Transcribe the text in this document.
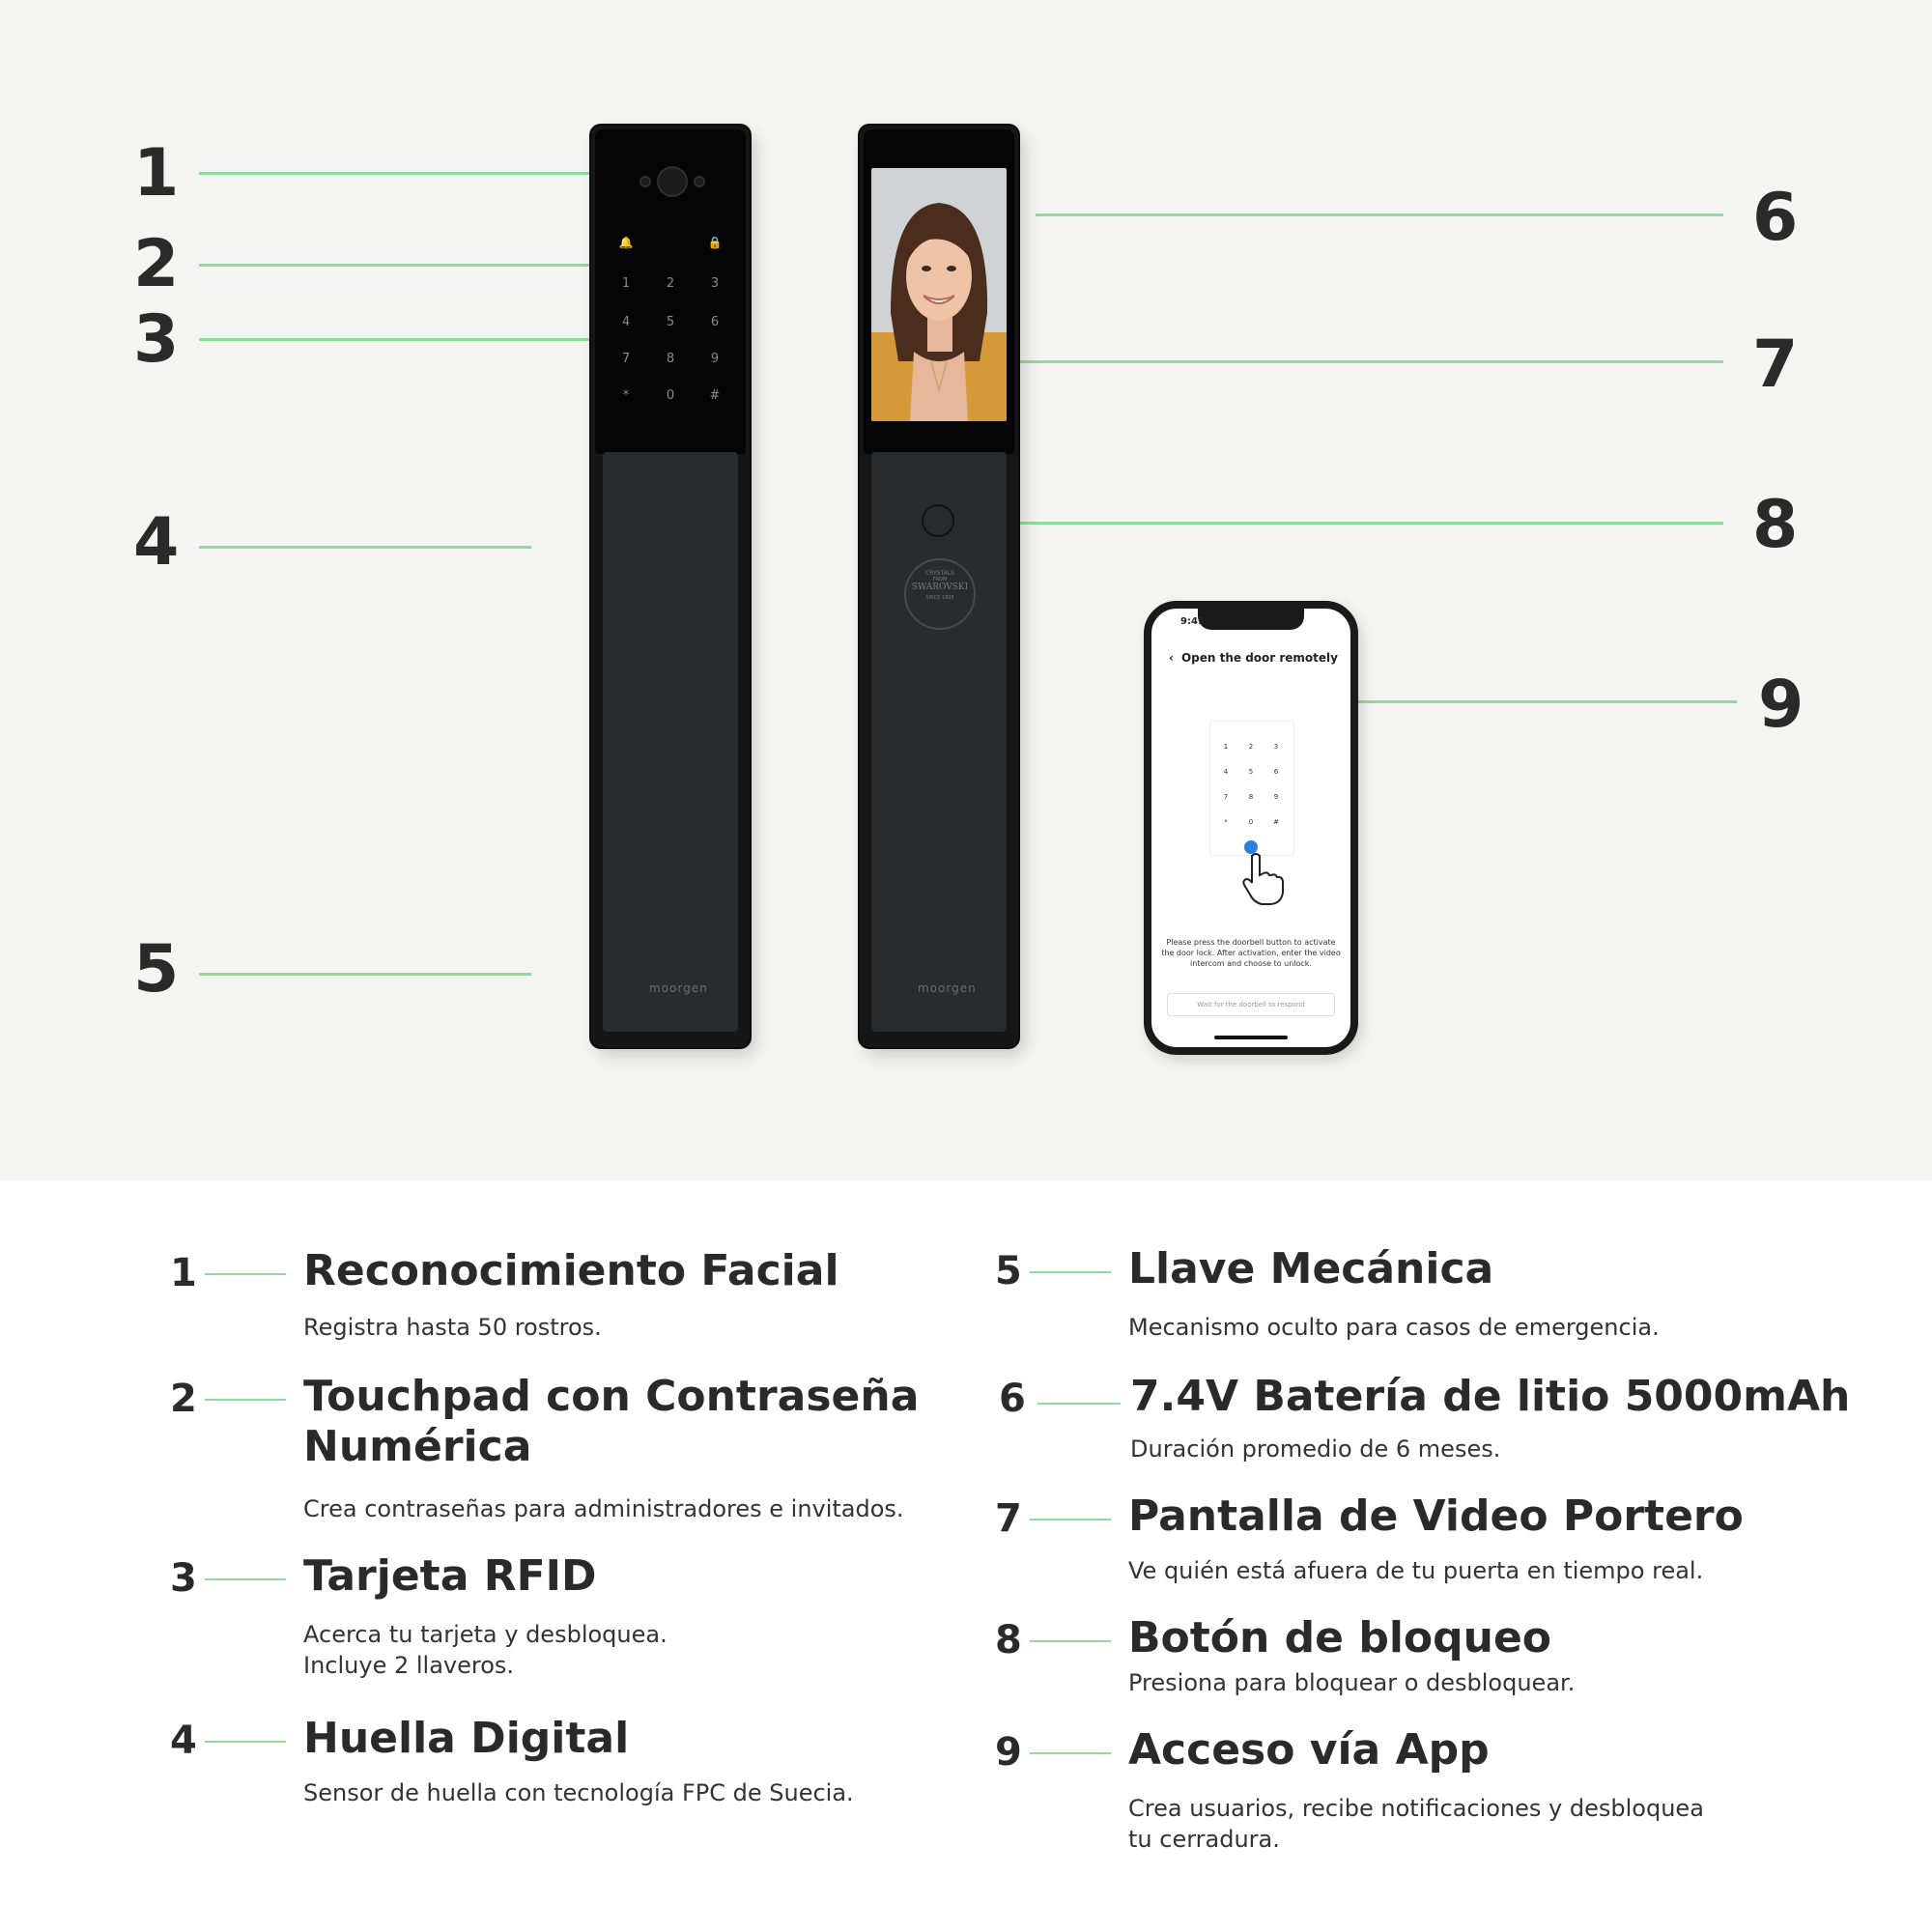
1
2
3
4
5
6
7
8
9
🔔	🔒
1	2	3
4	5	6
7	8	9
*	0	#
moorgen
CRYSTALS
FROM
SWAROVSKI
SINCE 1895
moorgen
9:41
‹ Open the door remotely
1	2	3
4	5	6
7	8	9
*	0	#
Please press the doorbell button to activate the door lock. After activation, enter the video intercom and choose to unlock.
Wait for the doorbell to respond
1	Reconocimiento Facial
Registra hasta 50 rostros.
2	Touchpad con Contraseña
Numérica
Crea contraseñas para administradores e invitados.
3	Tarjeta RFID
Acerca tu tarjeta y desbloquea.
Incluye 2 llaveros.
4	Huella Digital
Sensor de huella con tecnología FPC de Suecia.
5	Llave Mecánica
Mecanismo oculto para casos de emergencia.
6 7.4V Batería de litio 5000mAh
Duración promedio de 6 meses.
7	Pantalla de Video Portero
Ve quién está afuera de tu puerta en tiempo real.
8	Botón de bloqueo
Presiona para bloquear o desbloquear.
9	Acceso vía App
Crea usuarios, recibe notificaciones y desbloquea
tu cerradura.
